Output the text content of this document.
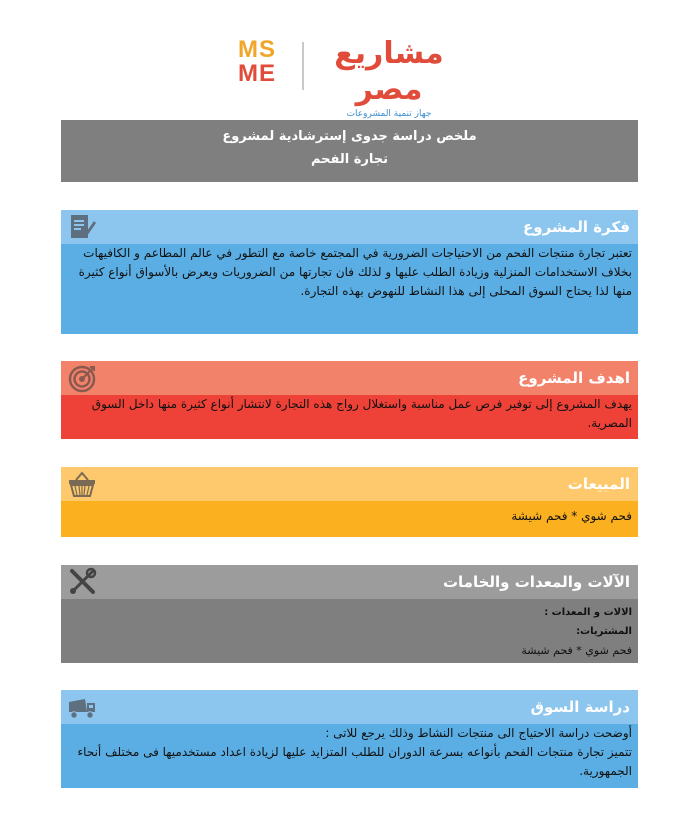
MS
ME
مشاريع مصر
جهاز تنمية المشروعات
ملخص دراسة جدوى إسترشادية لمشروع
تجارة الفحم
فكرة المشروع
تعتبر تجارة منتجات الفحم من الاحتياجات الضرورية في المجتمع خاصة مع التطور في عالم المطاعم و الكافيهات بخلاف الاستخدامات المنزلية وزيادة الطلب عليها و لذلك فان تجارتها من الضروريات ويعرض بالأسواق أنواع كثيرة منها لذا يحتاج السوق المحلى إلى هذا النشاط للنهوض بهذه التجارة.
اهدف المشروع
يهدف المشروع إلى توفير فرص عمل مناسبة واستغلال رواج هذه التجارة لانتشار أنواع كثيرة منها داخل السوق المصرية.
المبيعات
فحم شوي * فحم شيشة
الآلات والمعدات والخامات
الالات و المعدات :
المشتريات:
فحم شوي * فحم شيشة
دراسة السوق
أوضحت دراسة الاحتياج الى منتجات النشاط وذلك يرجع للاتى :
تتميز تجارة منتجات الفحم بأنواعه بسرعة الدوران للطلب المتزايد عليها لزيادة اعداد مستخدميها فى مختلف أنحاء الجمهورية.
